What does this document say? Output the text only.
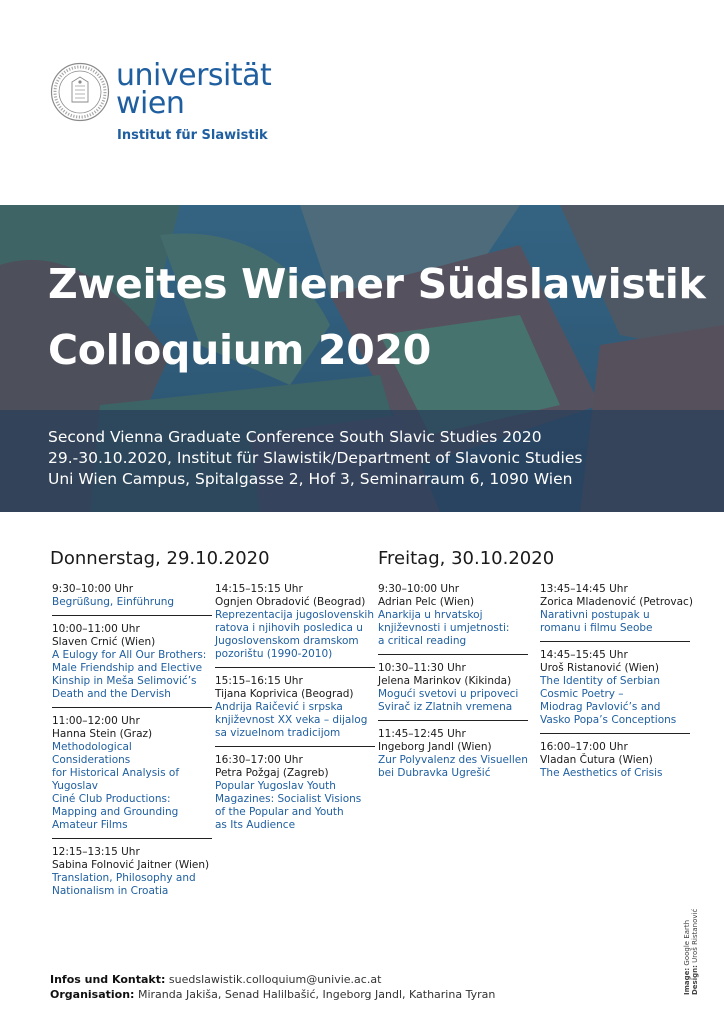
universität
wien
Institut für Slawistik
Zweites Wiener Südslawistik
Colloquium 2020
Second Vienna Graduate Conference South Slavic Studies 2020
29.-30.10.2020, Institut für Slawistik/Department of Slavonic Studies
Uni Wien Campus, Spitalgasse 2, Hof 3, Seminarraum 6, 1090 Wien
Donnerstag, 29.10.2020	Freitag, 30.10.2020
9:30–10:00 Uhr
Begrüßung, Einführung
10:00–11:00 Uhr
Slaven Crnić (Wien)
A Eulogy for All Our Brothers:
Male Friendship and Elective
Kinship in Meša Selimović’s
Death and the Dervish
11:00–12:00 Uhr
Hanna Stein (Graz)
Methodological Considerations
for Historical Analysis of Yugoslav
Ciné Club Productions:
Mapping and Grounding
Amateur Films
12:15–13:15 Uhr
Sabina Folnović Jaitner (Wien)
Translation, Philosophy and
Nationalism in Croatia
14:15–15:15 Uhr
Ognjen Obradović (Beograd)
Reprezentacija jugoslovenskih
ratova i njihovih posledica u
Jugoslovenskom dramskom
pozorištu (1990-2010)
15:15–16:15 Uhr
Tijana Koprivica (Beograd)
Andrija Raičević i srpska
književnost XX veka – dijalog
sa vizuelnom tradicijom
16:30–17:00 Uhr
Petra Požgaj (Zagreb)
Popular Yugoslav Youth
Magazines: Socialist Visions
of the Popular and Youth
as Its Audience
9:30–10:00 Uhr
Adrian Pelc (Wien)
Anarkija u hrvatskoj
književnosti i umjetnosti:
a critical reading
10:30–11:30 Uhr
Jelena Marinkov (Kikinda)
Mogući svetovi u pripoveci
Svirač iz Zlatnih vremena
11:45–12:45 Uhr
Ingeborg Jandl (Wien)
Zur Polyvalenz des Visuellen
bei Dubravka Ugrešić
13:45–14:45 Uhr
Zorica Mladenović (Petrovac)
Narativni postupak u
romanu i filmu Seobe
14:45–15:45 Uhr
Uroš Ristanović (Wien)
The Identity of Serbian
Cosmic Poetry –
Miodrag Pavlović’s and
Vasko Popa’s Conceptions
16:00–17:00 Uhr
Vladan Čutura (Wien)
The Aesthetics of Crisis
Infos und Kontakt: suedslawistik.colloquium@univie.ac.at
Organisation: Miranda Jakiša, Senad Halilbašić, Ingeborg Jandl, Katharina Tyran	Image: Google Earth
Design: Uroš Ristanović
